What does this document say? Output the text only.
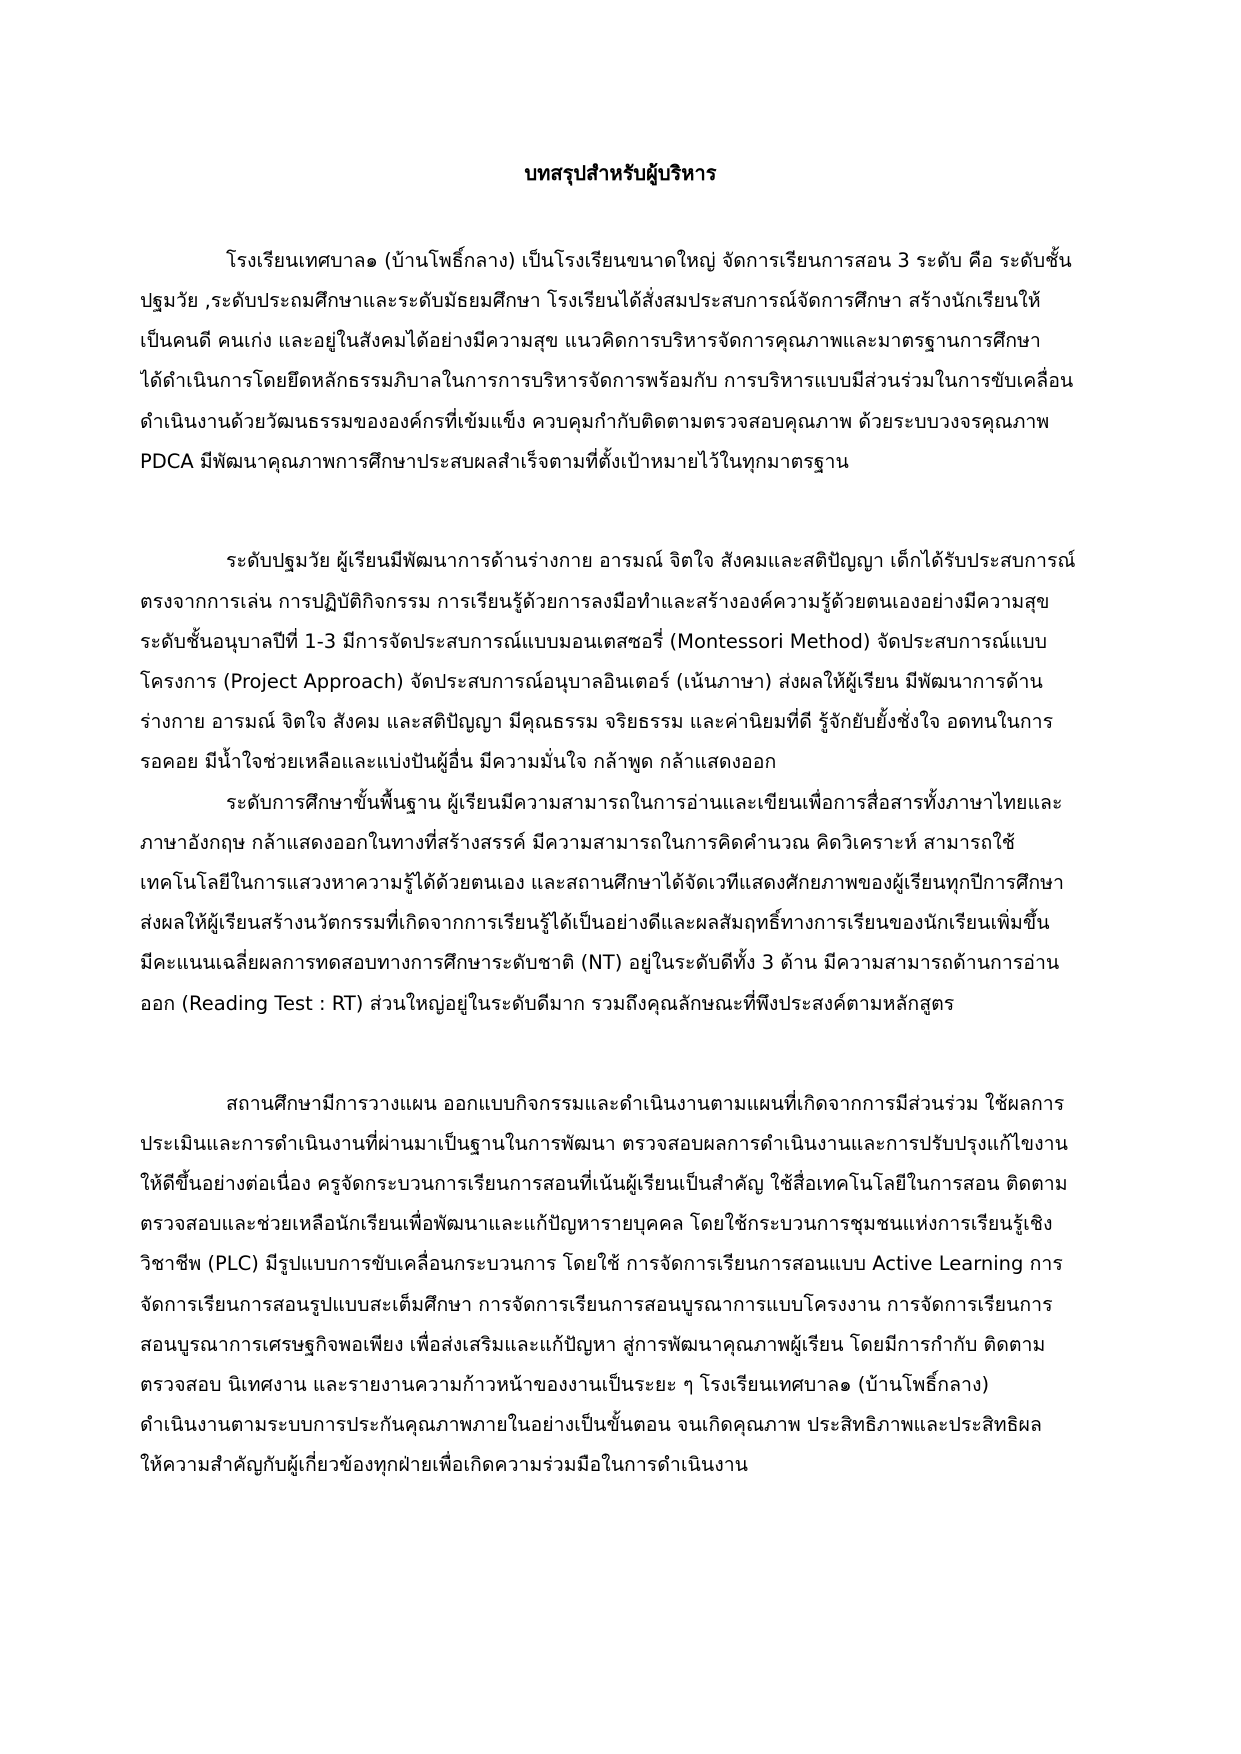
บทสรุปสำหรับผู้บริหาร
โรงเรียนเทศบาล๑ (บ้านโพธิ์กลาง) เป็นโรงเรียนขนาดใหญ่ จัดการเรียนการสอน 3 ระดับ คือ ระดับชั้น
ปฐมวัย ,ระดับประถมศึกษาและระดับมัธยมศึกษา โรงเรียนได้สั่งสมประสบการณ์จัดการศึกษา สร้างนักเรียนให้
เป็นคนดี คนเก่ง และอยู่ในสังคมได้อย่างมีความสุข แนวคิดการบริหารจัดการคุณภาพและมาตรฐานการศึกษา
ได้ดำเนินการโดยยึดหลักธรรมภิบาลในการการบริหารจัดการพร้อมกับ การบริหารแบบมีส่วนร่วมในการขับเคลื่อน
ดำเนินงานด้วยวัฒนธรรมขององค์กรที่เข้มแข็ง ควบคุมกำกับติดตามตรวจสอบคุณภาพ ด้วยระบบวงจรคุณภาพ
PDCA มีพัฒนาคุณภาพการศึกษาประสบผลสำเร็จตามที่ตั้งเป้าหมายไว้ในทุกมาตรฐาน
ระดับปฐมวัย ผู้เรียนมีพัฒนาการด้านร่างกาย อารมณ์ จิตใจ สังคมและสติปัญญา เด็กได้รับประสบการณ์
ตรงจากการเล่น การปฏิบัติกิจกรรม การเรียนรู้ด้วยการลงมือทำและสร้างองค์ความรู้ด้วยตนเองอย่างมีความสุข
ระดับชั้นอนุบาลปีที่ 1-3 มีการจัดประสบการณ์แบบมอนเตสซอรี่ (Montessori Method) จัดประสบการณ์แบบ
โครงการ (Project Approach) จัดประสบการณ์อนุบาลอินเตอร์ (เน้นภาษา) ส่งผลให้ผู้เรียน มีพัฒนาการด้าน
ร่างกาย อารมณ์ จิตใจ สังคม และสติปัญญา มีคุณธรรม จริยธรรม และค่านิยมที่ดี รู้จักยับยั้งชั่งใจ อดทนในการ
รอคอย มีน้ำใจช่วยเหลือและแบ่งปันผู้อื่น มีความมั่นใจ กล้าพูด กล้าแสดงออก
ระดับการศึกษาขั้นพื้นฐาน ผู้เรียนมีความสามารถในการอ่านและเขียนเพื่อการสื่อสารทั้งภาษาไทยและ
ภาษาอังกฤษ กล้าแสดงออกในทางที่สร้างสรรค์ มีความสามารถในการคิดคำนวณ คิดวิเคราะห์ สามารถใช้
เทคโนโลยีในการแสวงหาความรู้ได้ด้วยตนเอง และสถานศึกษาได้จัดเวทีแสดงศักยภาพของผู้เรียนทุกปีการศึกษา
ส่งผลให้ผู้เรียนสร้างนวัตกรรมที่เกิดจากการเรียนรู้ได้เป็นอย่างดีและผลสัมฤทธิ์ทางการเรียนของนักเรียนเพิ่มขึ้น
มีคะแนนเฉลี่ยผลการทดสอบทางการศึกษาระดับชาติ (NT) อยู่ในระดับดีทั้ง 3 ด้าน มีความสามารถด้านการอ่าน
ออก (Reading Test : RT) ส่วนใหญ่อยู่ในระดับดีมาก รวมถึงคุณลักษณะที่พึงประสงค์ตามหลักสูตร
สถานศึกษามีการวางแผน ออกแบบกิจกรรมและดำเนินงานตามแผนที่เกิดจากการมีส่วนร่วม ใช้ผลการ
ประเมินและการดำเนินงานที่ผ่านมาเป็นฐานในการพัฒนา ตรวจสอบผลการดำเนินงานและการปรับปรุงแก้ไขงาน
ให้ดีขึ้นอย่างต่อเนื่อง ครูจัดกระบวนการเรียนการสอนที่เน้นผู้เรียนเป็นสำคัญ ใช้สื่อเทคโนโลยีในการสอน ติดตาม
ตรวจสอบและช่วยเหลือนักเรียนเพื่อพัฒนาและแก้ปัญหารายบุคคล โดยใช้กระบวนการชุมชนแห่งการเรียนรู้เชิง
วิชาชีพ (PLC) มีรูปแบบการขับเคลื่อนกระบวนการ โดยใช้ การจัดการเรียนการสอนแบบ Active Learning การ
จัดการเรียนการสอนรูปแบบสะเต็มศึกษา การจัดการเรียนการสอนบูรณาการแบบโครงงาน การจัดการเรียนการ
สอนบูรณาการเศรษฐกิจพอเพียง เพื่อส่งเสริมและแก้ปัญหา สู่การพัฒนาคุณภาพผู้เรียน โดยมีการกำกับ ติดตาม
ตรวจสอบ นิเทศงาน และรายงานความก้าวหน้าของงานเป็นระยะ ๆ โรงเรียนเทศบาล๑ (บ้านโพธิ์กลาง)
ดำเนินงานตามระบบการประกันคุณภาพภายในอย่างเป็นขั้นตอน จนเกิดคุณภาพ ประสิทธิภาพและประสิทธิผล
ให้ความสำคัญกับผู้เกี่ยวข้องทุกฝ่ายเพื่อเกิดความร่วมมือในการดำเนินงาน
